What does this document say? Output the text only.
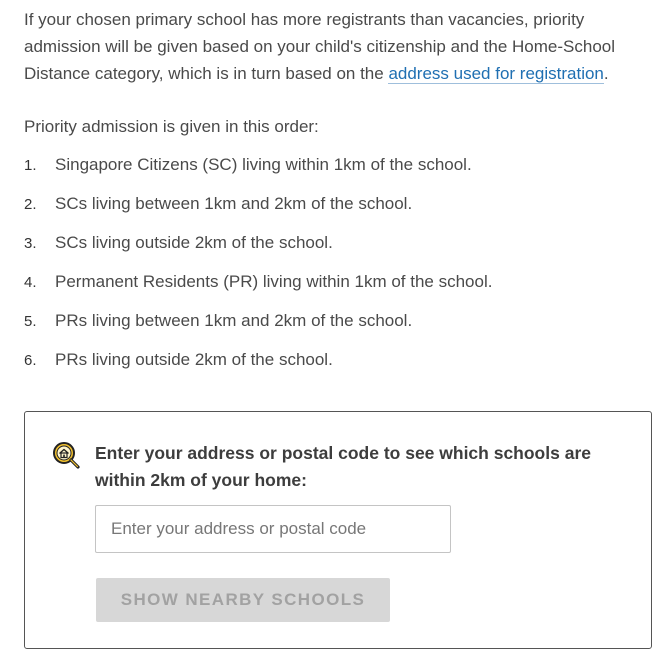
If your chosen primary school has more registrants than vacancies, priority admission will be given based on your child's citizenship and the Home-School Distance category, which is in turn based on the address used for registration.

Priority admission is given in this order:

1.	Singapore Citizens (SC) living within 1km of the school.
2.	SCs living between 1km and 2km of the school.
3.	SCs living outside 2km of the school.
4.	Permanent Residents (PR) living within 1km of the school.
5.	PRs living between 1km and 2km of the school.
6.	PRs living outside 2km of the school.

Enter your address or postal code to see which schools are within 2km of your home:

Enter your address or postal code
SHOW NEARBY SCHOOLS
